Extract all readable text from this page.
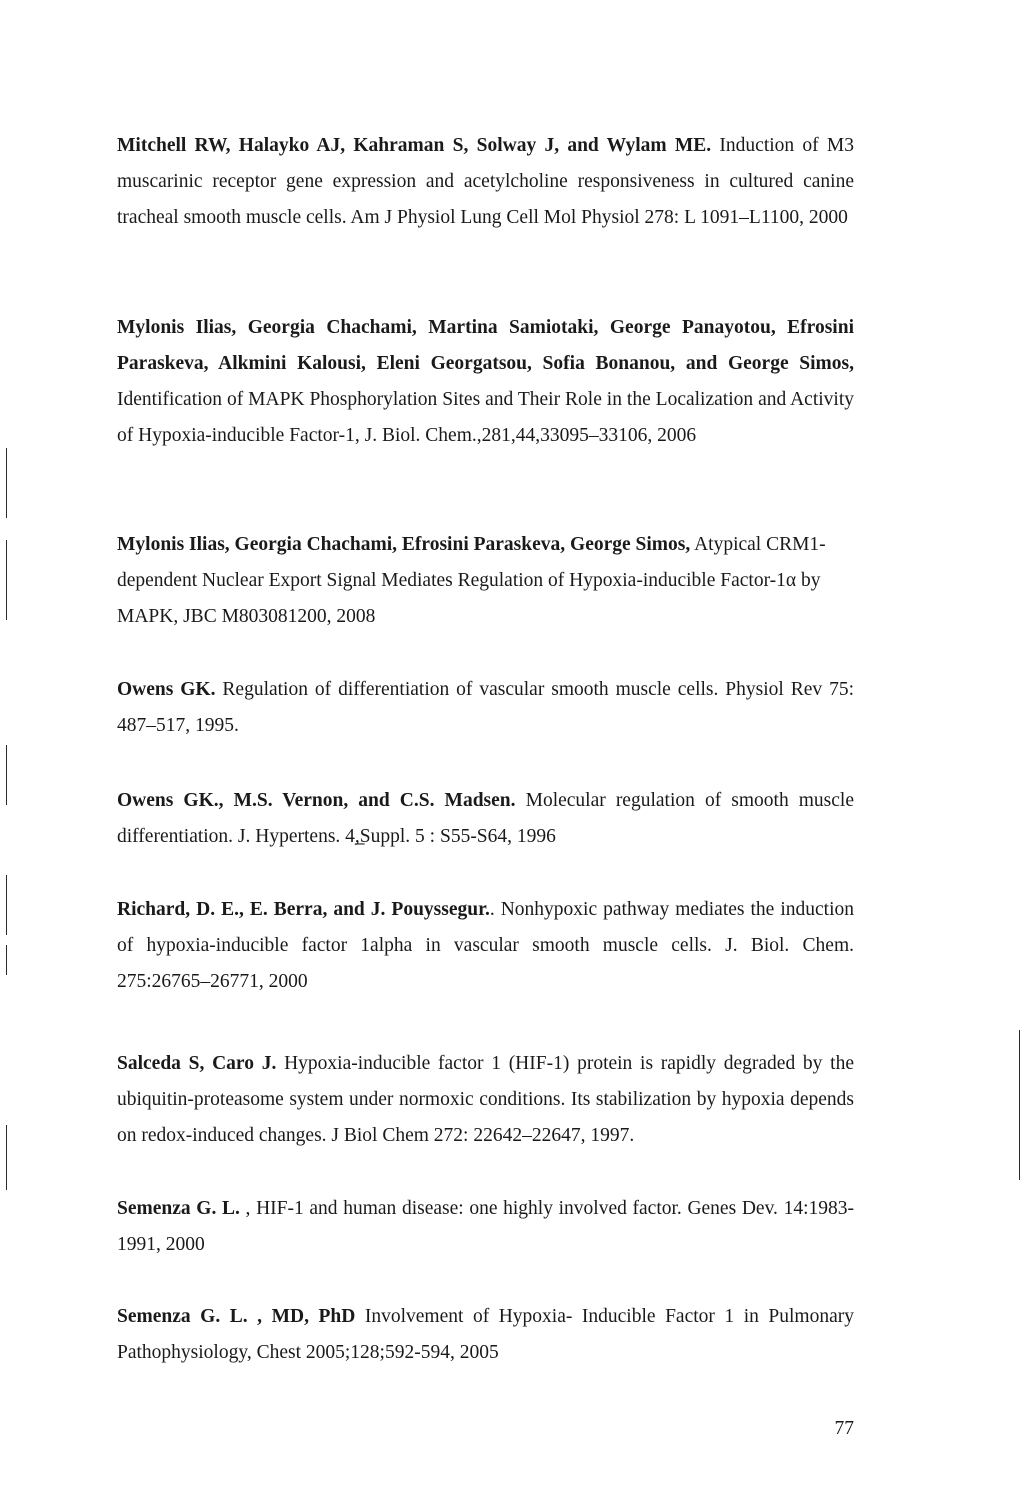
Mitchell RW, Halayko AJ, Kahraman S, Solway J, and Wylam ME. Induction of M3 muscarinic receptor gene expression and acetylcholine responsiveness in cultured canine tracheal smooth muscle cells. Am J Physiol Lung Cell Mol Physiol 278: L 1091–L1100, 2000

Mylonis Ilias, Georgia Chachami, Martina Samiotaki, George Panayotou, Efrosini Paraskeva, Alkmini Kalousi, Eleni Georgatsou, Sofia Bonanou, and George Simos, Identification of MAPK Phosphorylation Sites and Their Role in the Localization and Activity of Hypoxia-inducible Factor-1, J. Biol. Chem.,281,44,33095–33106, 2006

Mylonis Ilias, Georgia Chachami, Efrosini Paraskeva, George Simos, Atypical CRM1-dependent Nuclear Export Signal Mediates Regulation of Hypoxia-inducible Factor-1α by MAPK, JBC M803081200, 2008

Owens GK. Regulation of differentiation of vascular smooth muscle cells. Physiol Rev 75: 487–517, 1995.

Owens GK., M.S. Vernon, and C.S. Madsen. Molecular regulation of smooth muscle differentiation. J. Hypertens. 4,̲Suppl. 5 : S55-S64, 1996

Richard, D. E., E. Berra, and J. Pouyssegur.. Nonhypoxic pathway mediates the induction of hypoxia-inducible factor 1alpha in vascular smooth muscle cells. J. Biol. Chem. 275:26765–26771, 2000

Salceda S, Caro J. Hypoxia-inducible factor 1 (HIF-1) protein is rapidly degraded by the ubiquitin-proteasome system under normoxic conditions. Its stabilization by hypoxia depends on redox-induced changes. J Biol Chem 272: 22642–22647, 1997.

Semenza G. L. , HIF-1 and human disease: one highly involved factor. Genes Dev. 14:1983-1991, 2000

Semenza G. L. , MD, PhD Involvement of Hypoxia- Inducible Factor 1 in Pulmonary Pathophysiology, Chest 2005;128;592-594, 2005

77
